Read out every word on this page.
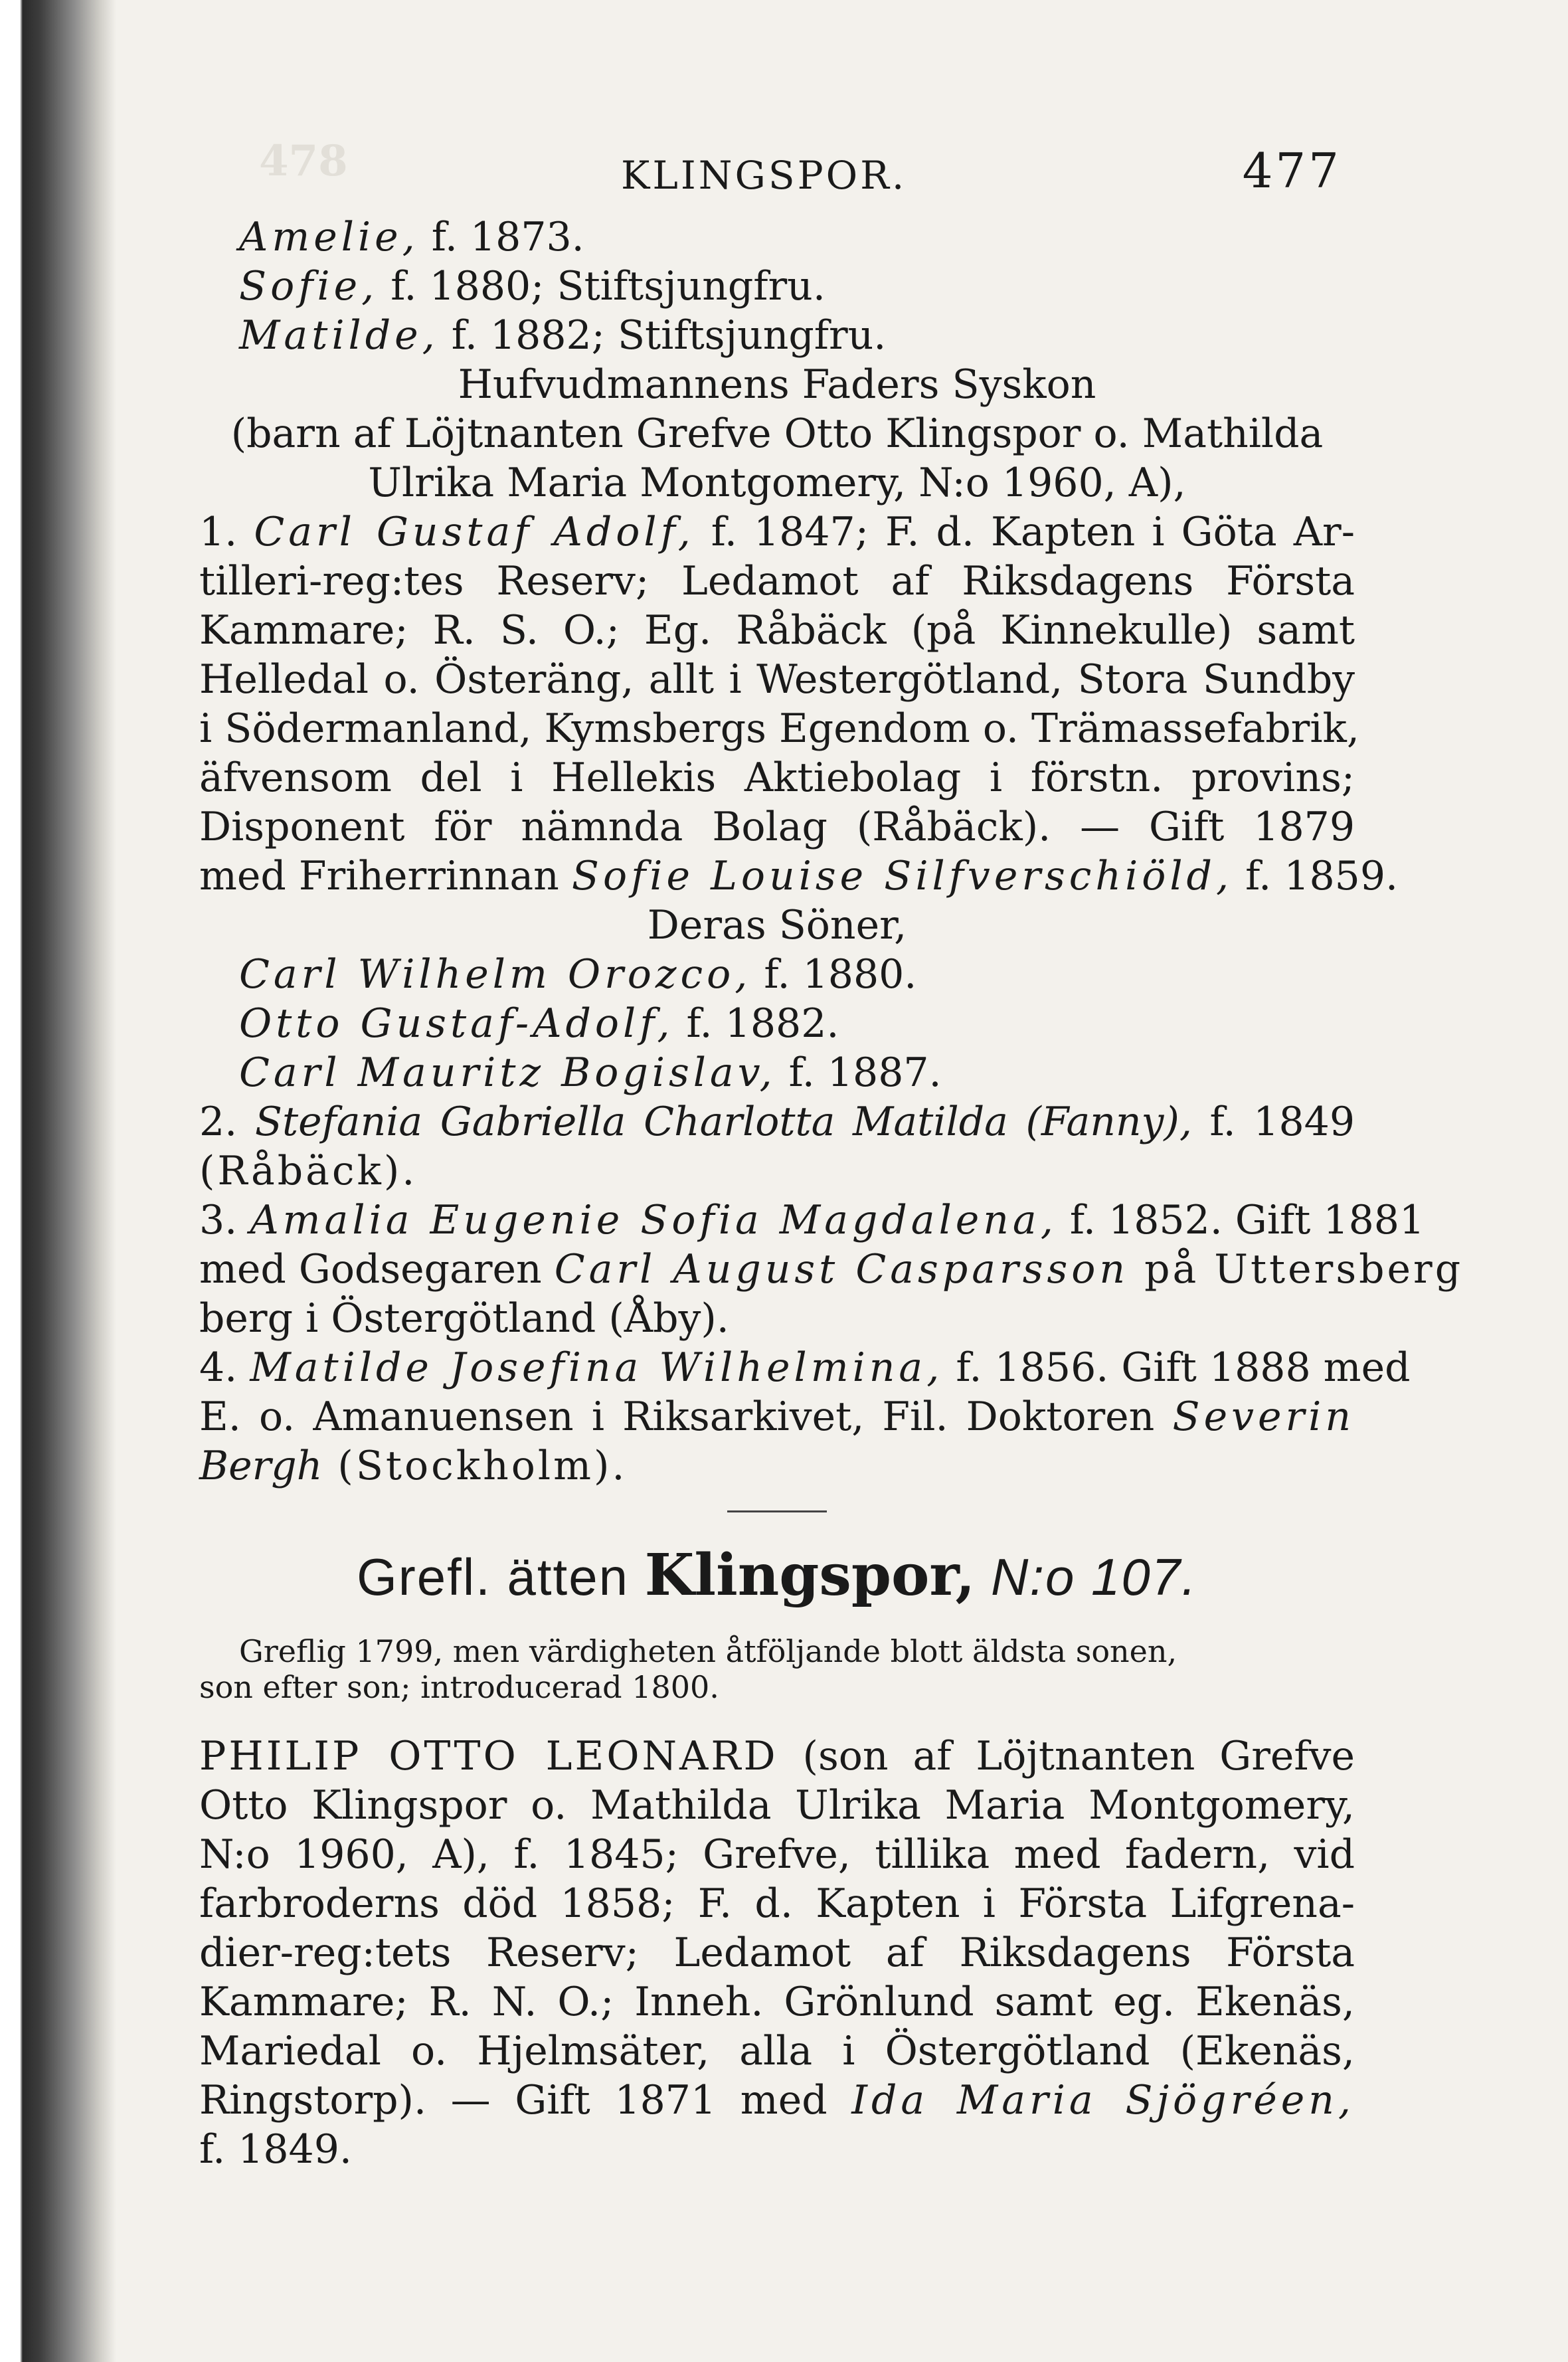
478	KLINGSPOR.	477

Amelie, f. 1873.

Sofie, f. 1880; Stiftsjungfru.

Matilde, f. 1882; Stiftsjungfru.

Hufvudmannens Faders Syskon

(barn af Löjtnanten Grefve Otto Klingspor o. Mathilda

Ulrika Maria Montgomery, N:o 1960, A),

1. Carl Gustaf Adolf, f. 1847; F. d. Kapten i Göta Ar-

tilleri-reg:tes Reserv; Ledamot af Riksdagens Första

Kammare; R. S. O.; Eg. Råbäck (på Kinnekulle) samt

Helledal o. Österäng, allt i Westergötland, Stora Sundby

i Södermanland, Kymsbergs Egendom o. Trämassefabrik,

äfvensom del i Hellekis Aktiebolag i förstn. provins;

Disponent för nämnda Bolag (Råbäck). — Gift 1879

med Friherrinnan Sofie Louise Silfverschiöld, f. 1859.

Deras Söner,

Carl Wilhelm Orozco, f. 1880.

Otto Gustaf-Adolf, f. 1882.

Carl Mauritz Bogislav, f. 1887.

2. Stefania Gabriella Charlotta Matilda (Fanny), f. 1849

(Råbäck).

3. Amalia Eugenie Sofia Magdalena, f. 1852. Gift 1881

med Godsegaren Carl August Casparsson på Uttersberg

berg i Östergötland (Åby).

4. Matilde Josefina Wilhelmina, f. 1856. Gift 1888 med

E. o. Amanuensen i Riksarkivet, Fil. Doktoren Severin

Bergh (Stockholm).

Grefl. ätten Klingspor, N:o 107.

Greflig 1799, men värdigheten åtföljande blott äldsta sonen,

son efter son; introducerad 1800.

PHILIP OTTO LEONARD (son af Löjtnanten Grefve

Otto Klingspor o. Mathilda Ulrika Maria Montgomery,

N:o 1960, A), f. 1845; Grefve, tillika med fadern, vid

farbroderns död 1858; F. d. Kapten i Första Lifgrena-

dier-reg:tets Reserv; Ledamot af Riksdagens Första

Kammare; R. N. O.; Inneh. Grönlund samt eg. Ekenäs,

Mariedal o. Hjelmsäter, alla i Östergötland (Ekenäs,

Ringstorp). — Gift 1871 med Ida Maria Sjögréen,

f. 1849.
